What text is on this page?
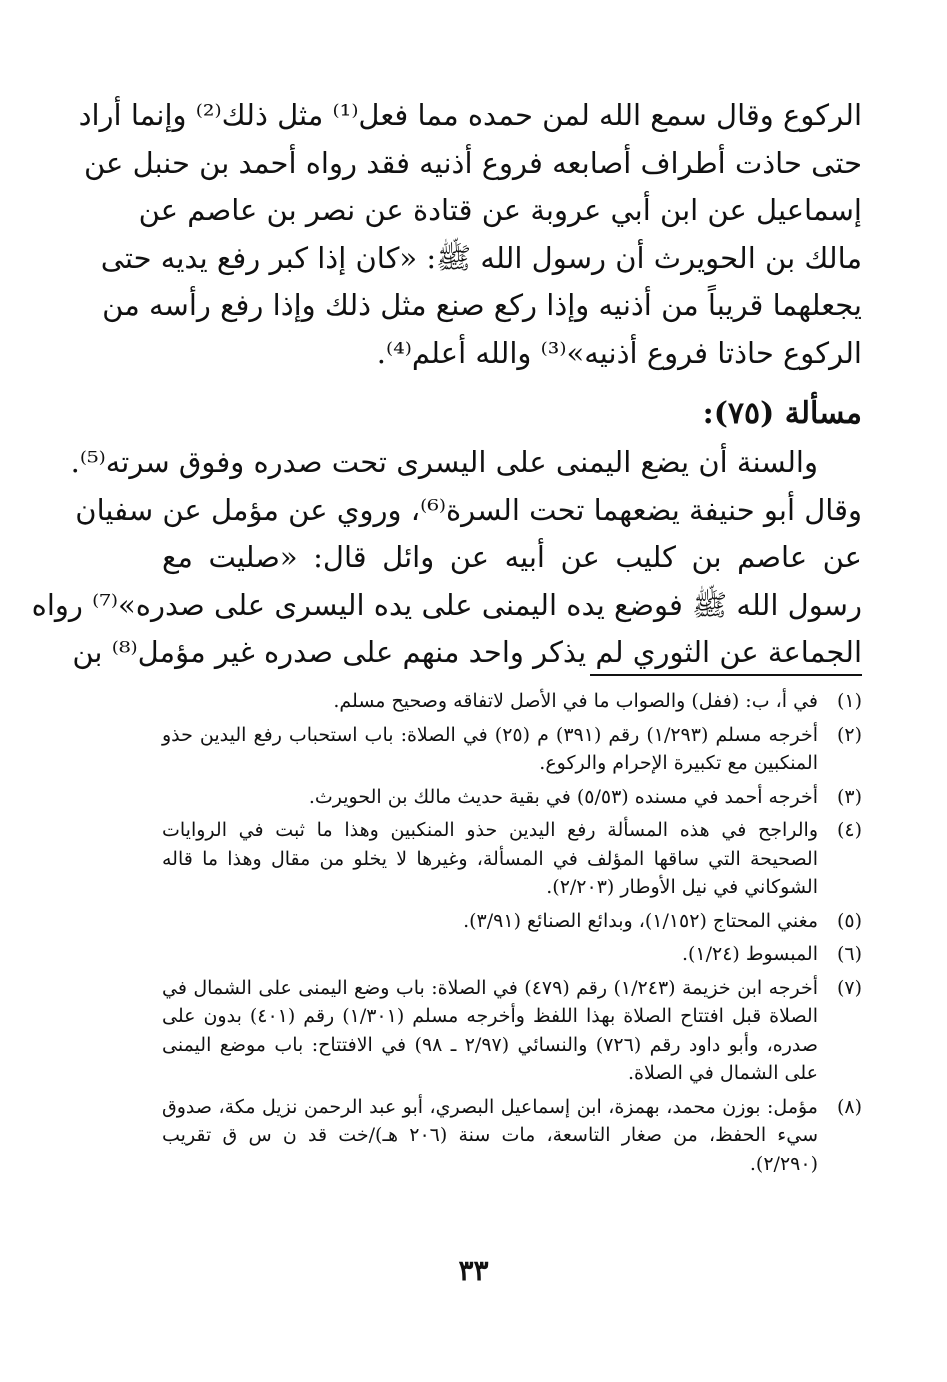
الركوع وقال سمع الله لمن حمده مما فعل⁽¹⁾ مثل ذلك⁽²⁾ وإنما أراد
حتى حاذت أطراف أصابعه فروع أذنيه فقد رواه أحمد بن حنبل عن
إسماعيل عن ابن أبي عروبة عن قتادة عن نصر بن عاصم عن
مالك بن الحويرث أن رسول الله ﷺ: «كان إذا كبر رفع يديه حتى
يجعلهما قريباً من أذنيه وإذا ركع صنع مثل ذلك وإذا رفع رأسه من
الركوع حاذتا فروع أذنيه»⁽³⁾ والله أعلم⁽⁴⁾.
مسألة (٧٥):
والسنة أن يضع اليمنى على اليسرى تحت صدره وفوق سرته⁽⁵⁾.
وقال أبو حنيفة يضعهما تحت السرة⁽⁶⁾، وروي عن مؤمل عن سفيان
عن عاصم بن كليب عن أبيه عن وائل قال: «صليت مع
رسول الله ﷺ فوضع يده اليمنى على يده اليسرى على صدره»⁽⁷⁾ رواه
الجماعة عن الثوري لم يذكر واحد منهم على صدره غير مؤمل⁽⁸⁾ بن
(١)
في أ، ب: (ففل) والصواب ما في الأصل لاتفاقه وصحيح مسلم.
(٢)
أخرجه مسلم (١/٢٩٣) رقم (٣٩١) م (٢٥) في الصلاة: باب استحباب رفع اليدين حذو المنكبين مع تكبيرة الإحرام والركوع.
(٣)
أخرجه أحمد في مسنده (٥/٥٣) في بقية حديث مالك بن الحويرث.
(٤)
والراجح في هذه المسألة رفع اليدين حذو المنكبين وهذا ما ثبت في الروايات الصحيحة التي ساقها المؤلف في المسألة، وغيرها لا يخلو من مقال وهذا ما قاله الشوكاني في نيل الأوطار (٢/٢٠٣).
(٥)
مغني المحتاج (١/١٥٢)، وبدائع الصنائع (٣/٩١).
(٦)
المبسوط (١/٢٤).
(٧)
أخرجه ابن خزيمة (١/٢٤٣) رقم (٤٧٩) في الصلاة: باب وضع اليمنى على الشمال في الصلاة قبل افتتاح الصلاة بهذا اللفظ وأخرجه مسلم (١/٣٠١) رقم (٤٠١) بدون على صدره، وأبو داود رقم (٧٢٦) والنسائي (٢/٩٧ ـ ٩٨) في الافتتاح: باب موضع اليمنى على الشمال في الصلاة.
(٨)
مؤمل: بوزن محمد، بهمزة، ابن إسماعيل البصري، أبو عبد الرحمن نزيل مكة، صدوق سيء الحفظ، من صغار التاسعة، مات سنة (٢٠٦ هـ)/خت قد ن س ق تقريب (٢/٢٩٠).
٣٣
